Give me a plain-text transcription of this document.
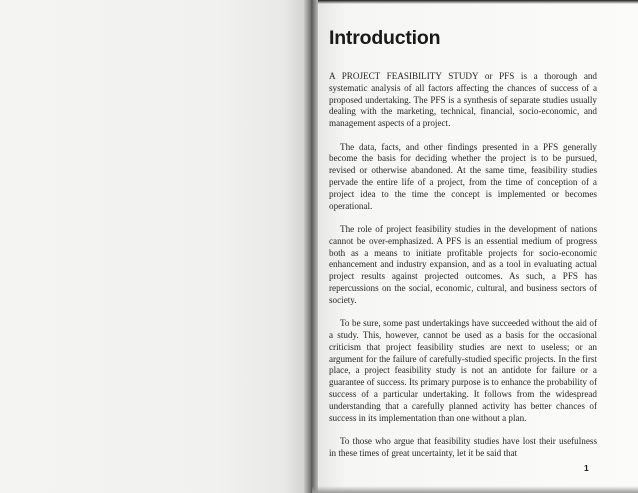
Introduction

A PROJECT FEASIBILITY STUDY or PFS is a thorough and systematic analysis of all factors affecting the chances of success of a proposed undertaking. The PFS is a synthesis of separate studies usually dealing with the marketing, technical, financial, socio-economic, and management aspects of a project.

The data, facts, and other findings presented in a PFS generally become the basis for deciding whether the project is to be pursued, revised or otherwise abandoned. At the same time, feasibility studies pervade the entire life of a project, from the time of conception of a project idea to the time the concept is implemented or becomes operational.

The role of project feasibility studies in the development of nations cannot be over-emphasized. A PFS is an essential medium of progress both as a means to initiate profitable projects for socio-economic enhancement and industry expansion, and as a tool in evaluating actual project results against projected outcomes. As such, a PFS has repercussions on the social, economic, cultural, and business sectors of society.

To be sure, some past undertakings have succeeded without the aid of a study. This, however, cannot be used as a basis for the occasional criticism that project feasibility studies are next to useless; or an argument for the failure of carefully-studied specific projects. In the first place, a project feasibility study is not an antidote for failure or a guarantee of success. Its primary purpose is to enhance the probability of success of a particular undertaking. It follows from the widespread understanding that a carefully planned activity has better chances of success in its implementation than one without a plan.

To those who argue that feasibility studies have lost their usefulness in these times of great uncertainty, let it be said that

1
